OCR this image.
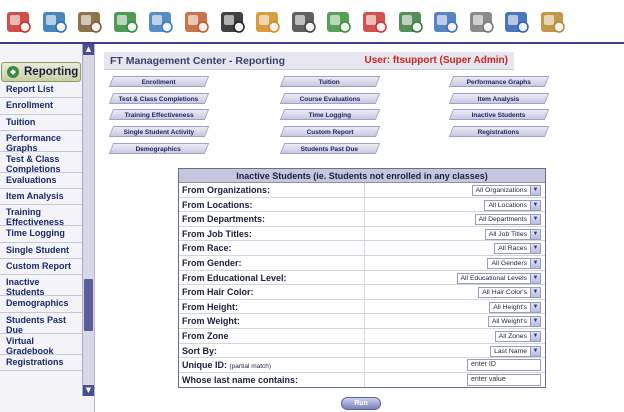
Reporting
Report List
Enrollment
Tuition
Performance Graphs
Test & Class Completions
Evaluations
Item Analysis
Training Effectiveness
Time Logging
Single Student
Custom Report
Inactive Students
Demographics
Students Past Due
Virtual Gradebook
Registrations
▲
▼
FT Management Center - Reporting	User: ftsupport (Super Admin)
Enrollment
Test & Class Completions
Training Effectiveness
Single Student Activity
Demographics
Tuition
Course Evaluations
Time Logging
Custom Report
Students Past Due
Performance Graphs
Item Analysis
Inactive Students
Registrations
Inactive Students (ie. Students not enrolled in any classes)
From Organizations:	All Organizations ▼
From Locations:	All Locations ▼
From Departments:	All Departments ▼
From Job Titles:	All Job Titles ▼
From Race:	All Races ▼
From Gender:	All Genders ▼
From Educational Level:	All Educational Levels ▼
From Hair Color:	All Hair Color's ▼
From Height:	All Height's ▼
From Weight:	All Weight's ▼
From Zone	All Zones ▼
Sort By:	Last Name ▼
Unique ID: (partial match)	enter ID
Whose last name contains:	enter value
Run
